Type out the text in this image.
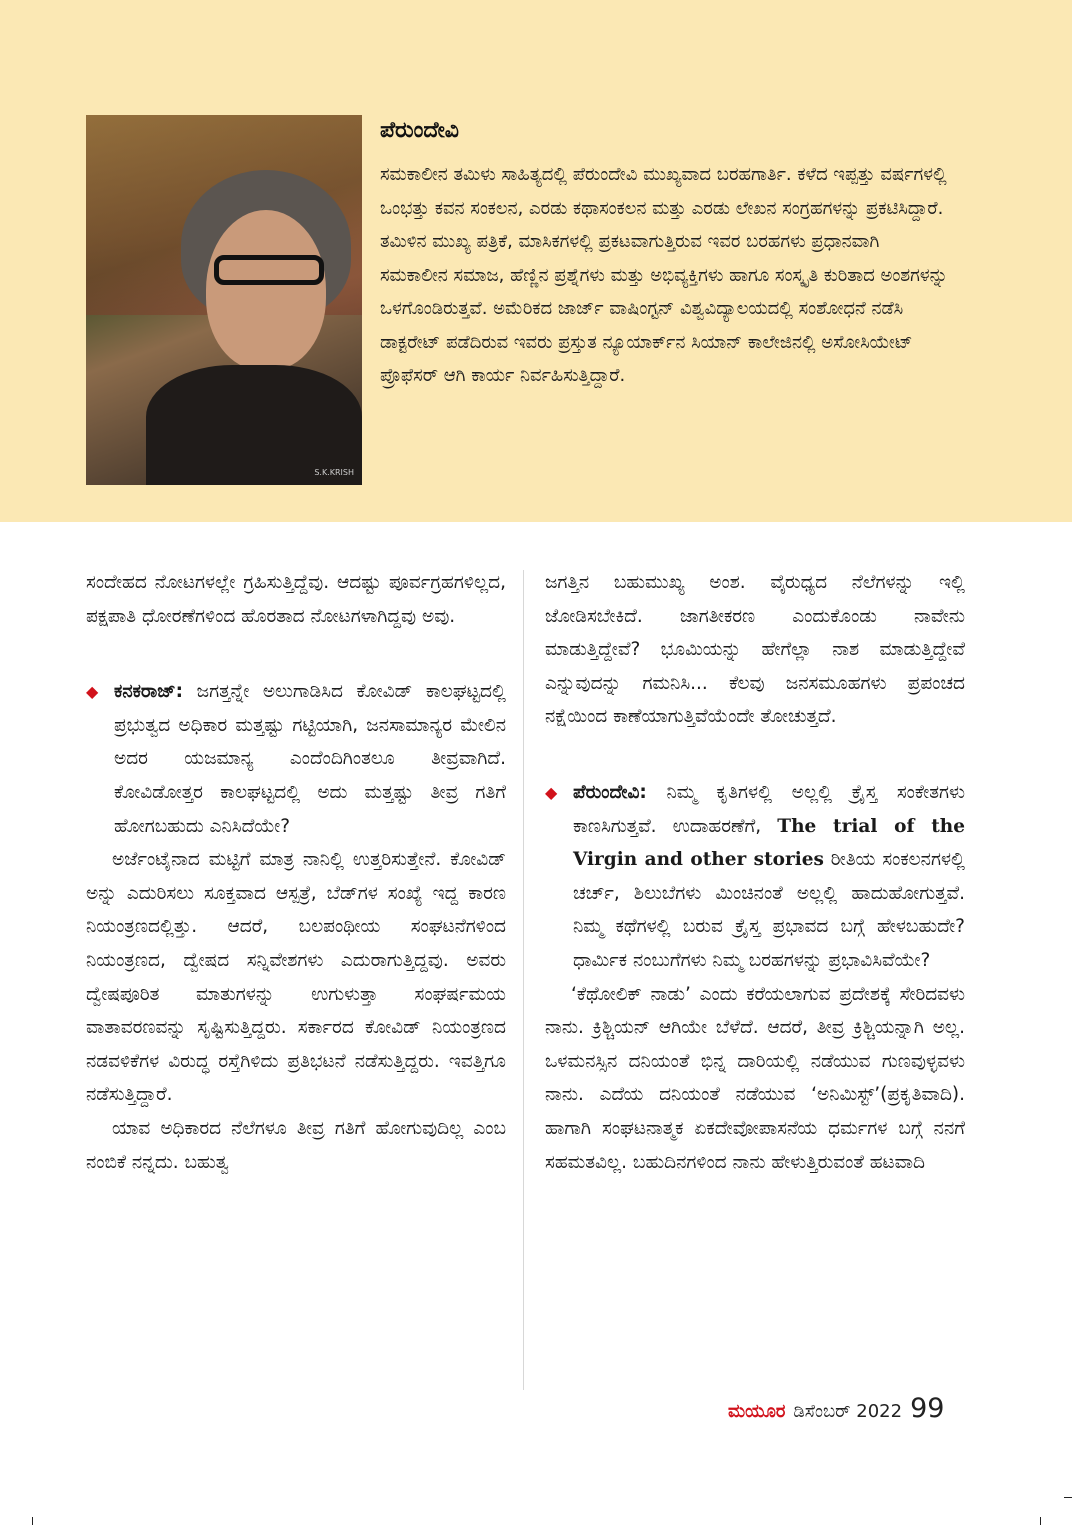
S.K.KRISH
ಪೆರುಂದೇವಿ

ಸಮಕಾಲೀನ ತಮಿಳು ಸಾಹಿತ್ಯದಲ್ಲಿ ಪೆರುಂದೇವಿ ಮುಖ್ಯವಾದ ಬರಹಗಾರ್ತಿ. ಕಳೆದ ಇಪ್ಪತ್ತು ವರ್ಷಗಳಲ್ಲಿ ಒಂಭತ್ತು ಕವನ ಸಂಕಲನ, ಎರಡು ಕಥಾಸಂಕಲನ ಮತ್ತು ಎರಡು ಲೇಖನ ಸಂಗ್ರಹಗಳನ್ನು ಪ್ರಕಟಿಸಿದ್ದಾರೆ. ತಮಿಳಿನ ಮುಖ್ಯ ಪತ್ರಿಕೆ, ಮಾಸಿಕಗಳಲ್ಲಿ ಪ್ರಕಟವಾಗುತ್ತಿರುವ ಇವರ ಬರಹಗಳು ಪ್ರಧಾನವಾಗಿ ಸಮಕಾಲೀನ ಸಮಾಜ, ಹೆಣ್ಣಿನ ಪ್ರಶ್ನೆಗಳು ಮತ್ತು ಅಭಿವ್ಯಕ್ತಿಗಳು ಹಾಗೂ ಸಂಸ್ಕೃತಿ ಕುರಿತಾದ ಅಂಶಗಳನ್ನು ಒಳಗೊಂಡಿರುತ್ತವೆ. ಅಮೆರಿಕದ ಜಾರ್ಜ್ ವಾಷಿಂಗ್ಟನ್ ವಿಶ್ವವಿದ್ಯಾಲಯದಲ್ಲಿ ಸಂಶೋಧನೆ ನಡೆಸಿ ಡಾಕ್ಟರೇಟ್ ಪಡೆದಿರುವ ಇವರು ಪ್ರಸ್ತುತ ನ್ಯೂಯಾರ್ಕ್‌ನ ಸಿಯಾನ್ ಕಾಲೇಜಿನಲ್ಲಿ ಅಸೋಸಿಯೇಟ್ ಪ್ರೊಫೆಸರ್ ಆಗಿ ಕಾರ್ಯ ನಿರ್ವಹಿಸುತ್ತಿದ್ದಾರೆ.

ಸಂದೇಹದ ನೋಟಗಳಲ್ಲೇ ಗ್ರಹಿಸುತ್ತಿದ್ದೆವು. ಆದಷ್ಟು ಪೂರ್ವಗ್ರಹಗಳಿಲ್ಲದ, ಪಕ್ಷಪಾತಿ ಧೋರಣೆಗಳಿಂದ ಹೊರತಾದ ನೋಟಗಳಾಗಿದ್ದವು ಅವು.

◆ ಕನಕರಾಜ್: ಜಗತ್ತನ್ನೇ ಅಲುಗಾಡಿಸಿದ ಕೋವಿಡ್ ಕಾಲಘಟ್ಟದಲ್ಲಿ ಪ್ರಭುತ್ವದ ಅಧಿಕಾರ ಮತ್ತಷ್ಟು ಗಟ್ಟಿಯಾಗಿ, ಜನಸಾಮಾನ್ಯರ ಮೇಲಿನ ಅದರ ಯಜಮಾನ್ಯ ಎಂದೆಂದಿಗಿಂತಲೂ ತೀವ್ರವಾಗಿದೆ. ಕೋವಿಡೋತ್ತರ ಕಾಲಘಟ್ಟದಲ್ಲಿ ಅದು ಮತ್ತಷ್ಟು ತೀವ್ರ ಗತಿಗೆ ಹೋಗಬಹುದು ಎನಿಸಿದೆಯೇ?

ಅರ್ಜೆಂಟೈನಾದ ಮಟ್ಟಿಗೆ ಮಾತ್ರ ನಾನಿಲ್ಲಿ ಉತ್ತರಿಸುತ್ತೇನೆ. ಕೋವಿಡ್ ಅನ್ನು ಎದುರಿಸಲು ಸೂಕ್ತವಾದ ಆಸ್ಪತ್ರೆ, ಬೆಡ್‌ಗಳ ಸಂಖ್ಯೆ ಇದ್ದ ಕಾರಣ ನಿಯಂತ್ರಣದಲ್ಲಿತ್ತು. ಆದರೆ, ಬಲಪಂಥೀಯ ಸಂಘಟನೆಗಳಿಂದ ನಿಯಂತ್ರಣದ, ದ್ವೇಷದ ಸನ್ನಿವೇಶಗಳು ಎದುರಾಗುತ್ತಿದ್ದವು. ಅವರು ದ್ವೇಷಪೂರಿತ ಮಾತುಗಳನ್ನು ಉಗುಳುತ್ತಾ ಸಂಘರ್ಷಮಯ ವಾತಾವರಣವನ್ನು ಸೃಷ್ಟಿಸುತ್ತಿದ್ದರು. ಸರ್ಕಾರದ ಕೋವಿಡ್ ನಿಯಂತ್ರಣದ ನಡವಳಿಕೆಗಳ ವಿರುದ್ಧ ರಸ್ತೆಗಿಳಿದು ಪ್ರತಿಭಟನೆ ನಡೆಸುತ್ತಿದ್ದರು. ಇವತ್ತಿಗೂ ನಡೆಸುತ್ತಿದ್ದಾರೆ.

ಯಾವ ಅಧಿಕಾರದ ನೆಲೆಗಳೂ ತೀವ್ರ ಗತಿಗೆ ಹೋಗುವುದಿಲ್ಲ ಎಂಬ ನಂಬಿಕೆ ನನ್ನದು. ಬಹುತ್ವ

ಜಗತ್ತಿನ ಬಹುಮುಖ್ಯ ಅಂಶ. ವೈರುಧ್ಯದ ನೆಲೆಗಳನ್ನು ಇಲ್ಲಿ ಜೋಡಿಸಬೇಕಿದೆ. ಜಾಗತೀಕರಣ ಎಂದುಕೊಂಡು ನಾವೇನು ಮಾಡುತ್ತಿದ್ದೇವೆ? ಭೂಮಿಯನ್ನು ಹೇಗೆಲ್ಲಾ ನಾಶ ಮಾಡುತ್ತಿದ್ದೇವೆ ಎನ್ನುವುದನ್ನು ಗಮನಿಸಿ... ಕೆಲವು ಜನಸಮೂಹಗಳು ಪ್ರಪಂಚದ ನಕ್ಷೆಯಿಂದ ಕಾಣೆಯಾಗುತ್ತಿವೆಯೆಂದೇ ತೋಚುತ್ತದೆ.

◆ ಪೆರುಂದೇವಿ: ನಿಮ್ಮ ಕೃತಿಗಳಲ್ಲಿ ಅಲ್ಲಲ್ಲಿ ಕ್ರೈಸ್ತ ಸಂಕೇತಗಳು ಕಾಣಸಿಗುತ್ತವೆ. ಉದಾಹರಣೆಗೆ, The trial of the Virgin and other stories ರೀತಿಯ ಸಂಕಲನಗಳಲ್ಲಿ ಚರ್ಚ್, ಶಿಲುಬೆಗಳು ಮಿಂಚಿನಂತೆ ಅಲ್ಲಲ್ಲಿ ಹಾದುಹೋಗುತ್ತವೆ. ನಿಮ್ಮ ಕಥೆಗಳಲ್ಲಿ ಬರುವ ಕ್ರೈಸ್ತ ಪ್ರಭಾವದ ಬಗ್ಗೆ ಹೇಳಬಹುದೇ? ಧಾರ್ಮಿಕ ನಂಬುಗೆಗಳು ನಿಮ್ಮ ಬರಹಗಳನ್ನು ಪ್ರಭಾವಿಸಿವೆಯೇ?

‘ಕೆಥೋಲಿಕ್ ನಾಡು’ ಎಂದು ಕರೆಯಲಾಗುವ ಪ್ರದೇಶಕ್ಕೆ ಸೇರಿದವಳು ನಾನು. ಕ್ರಿಶ್ಚಿಯನ್ ಆಗಿಯೇ ಬೆಳೆದೆ. ಆದರೆ, ತೀವ್ರ ಕ್ರಿಶ್ಚಿಯನ್ನಾಗಿ ಅಲ್ಲ. ಒಳಮನಸ್ಸಿನ ದನಿಯಂತೆ ಭಿನ್ನ ದಾರಿಯಲ್ಲಿ ನಡೆಯುವ ಗುಣವುಳ್ಳವಳು ನಾನು. ಎದೆಯ ದನಿಯಂತೆ ನಡೆಯುವ ‘ಅನಿಮಿಸ್ಟ್’(ಪ್ರಕೃತಿವಾದಿ). ಹಾಗಾಗಿ ಸಂಘಟನಾತ್ಮಕ ಏಕದೇವೋಪಾಸನೆಯ ಧರ್ಮಗಳ ಬಗ್ಗೆ ನನಗೆ ಸಹಮತವಿಲ್ಲ. ಬಹುದಿನಗಳಿಂದ ನಾನು ಹೇಳುತ್ತಿರುವಂತೆ ಹಟವಾದಿ

ಮಯೂರ ಡಿಸೆಂಬರ್ 2022 99
